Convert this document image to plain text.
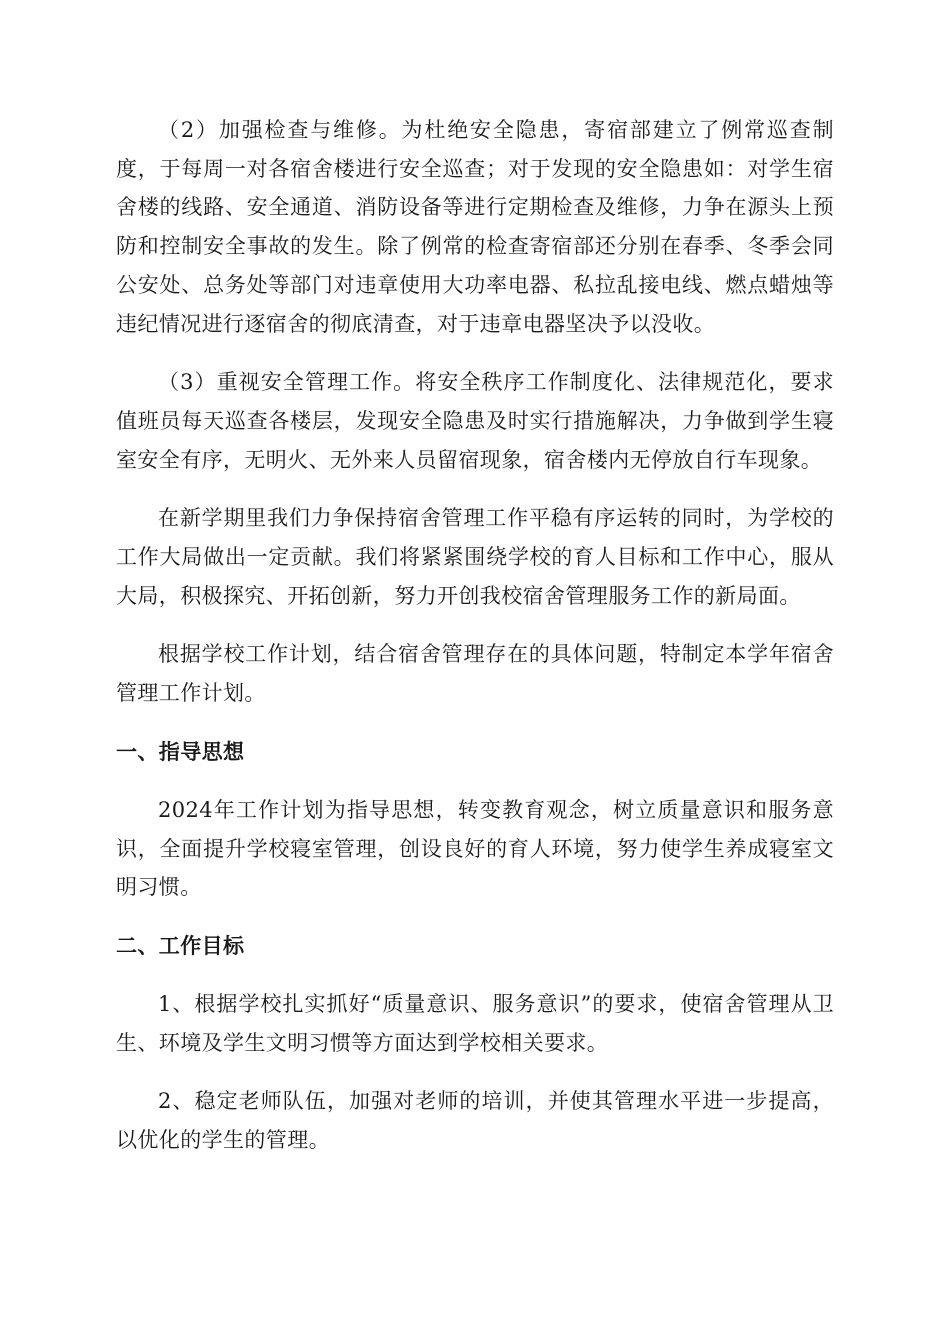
（2）加强检查与维修。为杜绝安全隐患，寄宿部建立了例常巡查制度，于每周一对各宿舍楼进行安全巡查；对于发现的安全隐患如：对学生宿舍楼的线路、安全通道、消防设备等进行定期检查及维修，力争在源头上预防和控制安全事故的发生。除了例常的检查寄宿部还分别在春季、冬季会同公安处、总务处等部门对违章使用大功率电器、私拉乱接电线、燃点蜡烛等违纪情况进行逐宿舍的彻底清查，对于违章电器坚决予以没收。

（3）重视安全管理工作。将安全秩序工作制度化、法律规范化，要求值班员每天巡查各楼层，发现安全隐患及时实行措施解决，力争做到学生寝室安全有序，无明火、无外来人员留宿现象，宿舍楼内无停放自行车现象。

在新学期里我们力争保持宿舍管理工作平稳有序运转的同时，为学校的工作大局做出一定贡献。我们将紧紧围绕学校的育人目标和工作中心，服从大局，积极探究、开拓创新，努力开创我校宿舍管理服务工作的新局面。

根据学校工作计划，结合宿舍管理存在的具体问题，特制定本学年宿舍管理工作计划。

一、指导思想

2024年工作计划为指导思想，转变教育观念，树立质量意识和服务意识，全面提升学校寝室管理，创设良好的育人环境，努力使学生养成寝室文明习惯。

二、工作目标

1、根据学校扎实抓好“质量意识、服务意识”的要求，使宿舍管理从卫生、环境及学生文明习惯等方面达到学校相关要求。

2、稳定老师队伍，加强对老师的培训，并使其管理水平进一步提高，以优化的学生的管理。
